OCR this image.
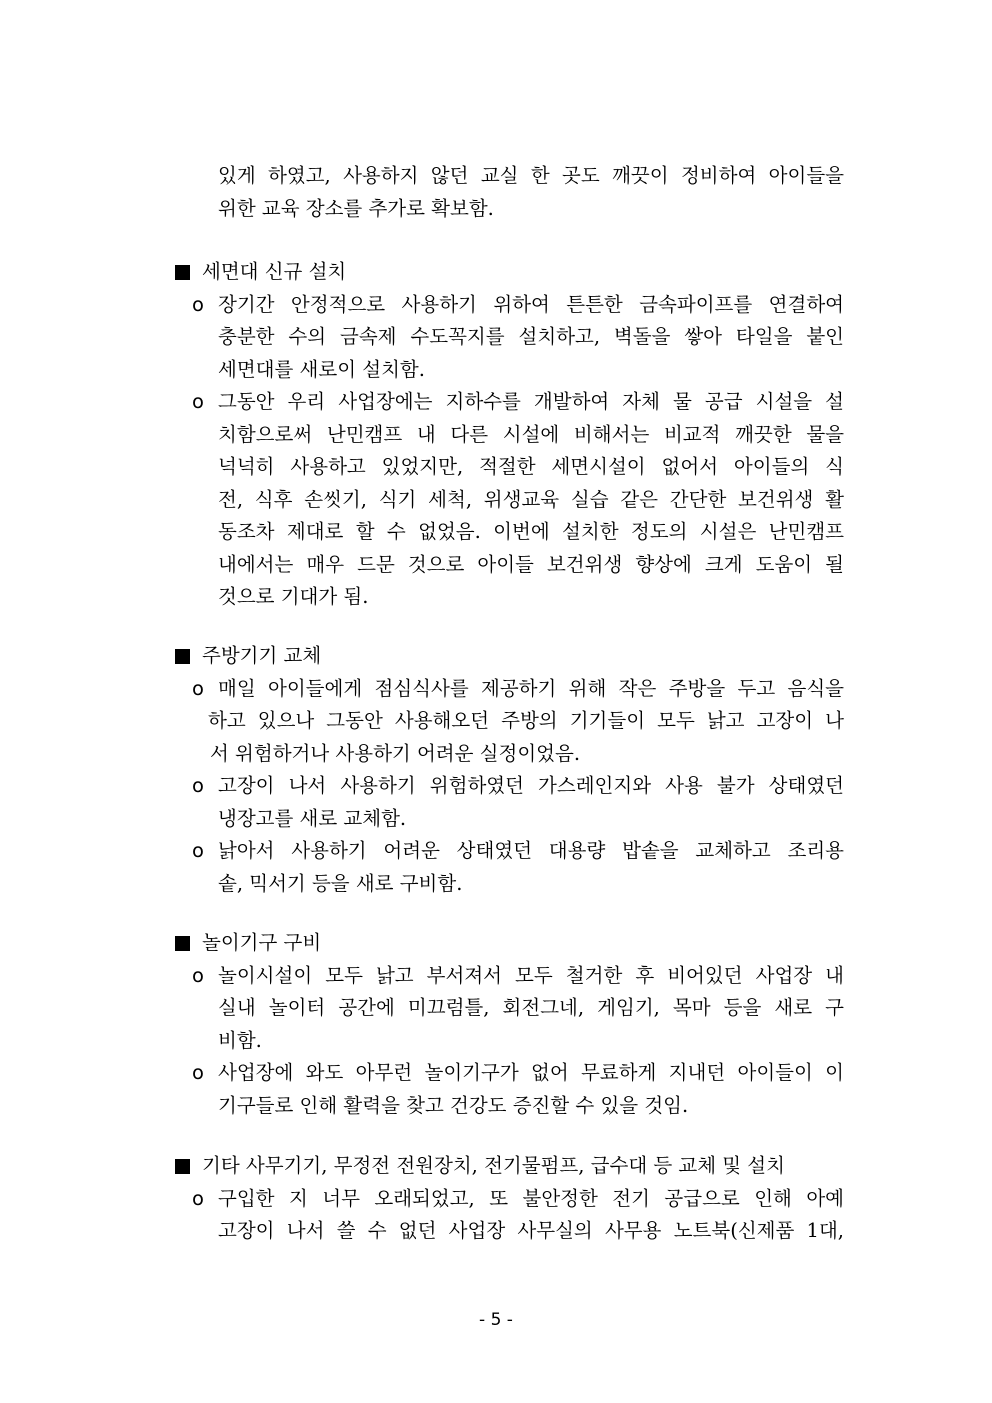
있게 하였고, 사용하지 않던 교실 한 곳도 깨끗이 정비하여 아이들을
위한 교육 장소를 추가로 확보함.
세면대 신규 설치
o 장기간 안정적으로 사용하기 위하여 튼튼한 금속파이프를 연결하여
충분한 수의 금속제 수도꼭지를 설치하고, 벽돌을 쌓아 타일을 붙인
세면대를 새로이 설치함.
o 그동안 우리 사업장에는 지하수를 개발하여 자체 물 공급 시설을 설
치함으로써 난민캠프 내 다른 시설에 비해서는 비교적 깨끗한 물을
넉넉히 사용하고 있었지만, 적절한 세면시설이 없어서 아이들의 식
전, 식후 손씻기, 식기 세척, 위생교육 실습 같은 간단한 보건위생 활
동조차 제대로 할 수 없었음. 이번에 설치한 정도의 시설은 난민캠프
내에서는 매우 드문 것으로 아이들 보건위생 향상에 크게 도움이 될
것으로 기대가 됨.
주방기기 교체
o 매일 아이들에게 점심식사를 제공하기 위해 작은 주방을 두고 음식을
하고 있으나 그동안 사용해오던 주방의 기기들이 모두 낡고 고장이 나
서 위험하거나 사용하기 어려운 실정이었음.
o 고장이 나서 사용하기 위험하였던 가스레인지와 사용 불가 상태였던
냉장고를 새로 교체함.
o 낡아서 사용하기 어려운 상태였던 대용량 밥솥을 교체하고 조리용
솥, 믹서기 등을 새로 구비함.
놀이기구 구비
o 놀이시설이 모두 낡고 부서져서 모두 철거한 후 비어있던 사업장 내
실내 놀이터 공간에 미끄럼틀, 회전그네, 게임기, 목마 등을 새로 구
비함.
o 사업장에 와도 아무런 놀이기구가 없어 무료하게 지내던 아이들이 이
기구들로 인해 활력을 찾고 건강도 증진할 수 있을 것임.
기타 사무기기, 무정전 전원장치, 전기물펌프, 급수대 등 교체 및 설치
o 구입한 지 너무 오래되었고, 또 불안정한 전기 공급으로 인해 아예
고장이 나서 쓸 수 없던 사업장 사무실의 사무용 노트북(신제품 1대,
- 5 -
